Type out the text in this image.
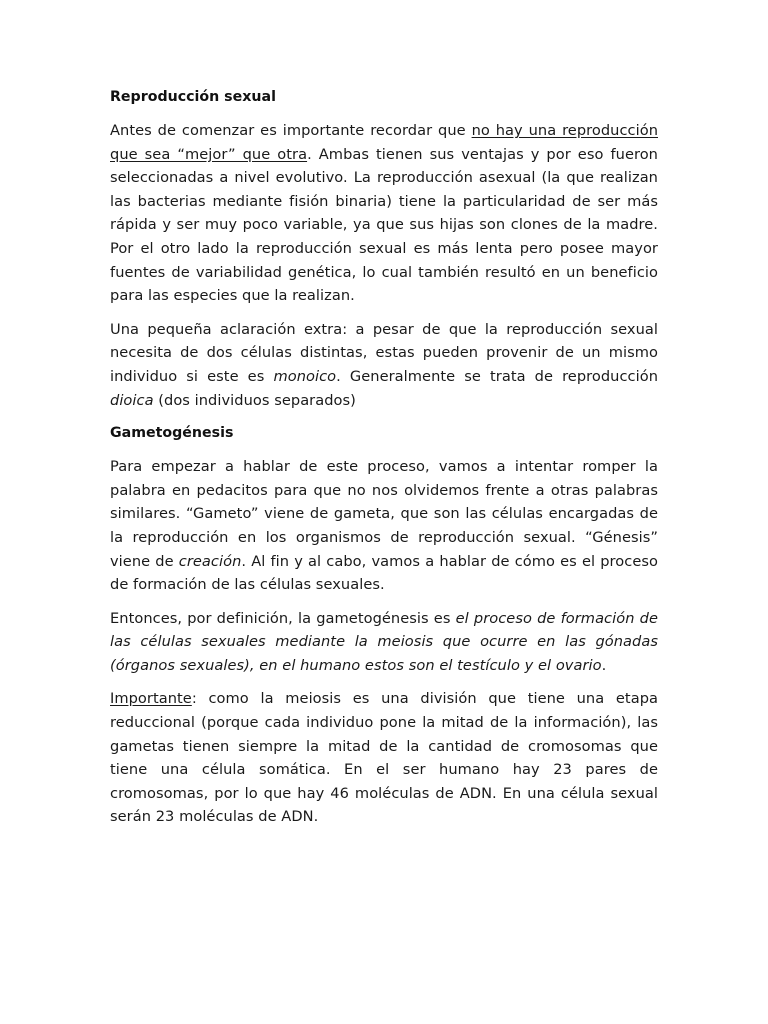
Reproducción sexual

Antes de comenzar es importante recordar que no hay una reproducción que sea “mejor” que otra. Ambas tienen sus ventajas y por eso fueron seleccionadas a nivel evolutivo. La reproducción asexual (la que realizan las bacterias mediante fisión binaria) tiene la particularidad de ser más rápida y ser muy poco variable, ya que sus hijas son clones de la madre. Por el otro lado la reproducción sexual es más lenta pero posee mayor fuentes de variabilidad genética, lo cual también resultó en un beneficio para las especies que la realizan.

Una pequeña aclaración extra: a pesar de que la reproducción sexual necesita de dos células distintas, estas pueden provenir de un mismo individuo si este es monoico. Generalmente se trata de reproducción dioica (dos individuos separados)

Gametogénesis

Para empezar a hablar de este proceso, vamos a intentar romper la palabra en pedacitos para que no nos olvidemos frente a otras palabras similares. “Gameto” viene de gameta, que son las células encargadas de la reproducción en los organismos de reproducción sexual. “Génesis” viene de creación. Al fin y al cabo, vamos a hablar de cómo es el proceso de formación de las células sexuales.

Entonces, por definición, la gametogénesis es el proceso de formación de las células sexuales mediante la meiosis que ocurre en las gónadas (órganos sexuales), en el humano estos son el testículo y el ovario.

Importante: como la meiosis es una división que tiene una etapa reduccional (porque cada individuo pone la mitad de la información), las gametas tienen siempre la mitad de la cantidad de cromosomas que tiene una célula somática. En el ser humano hay 23 pares de cromosomas, por lo que hay 46 moléculas de ADN. En una célula sexual serán 23 moléculas de ADN.
